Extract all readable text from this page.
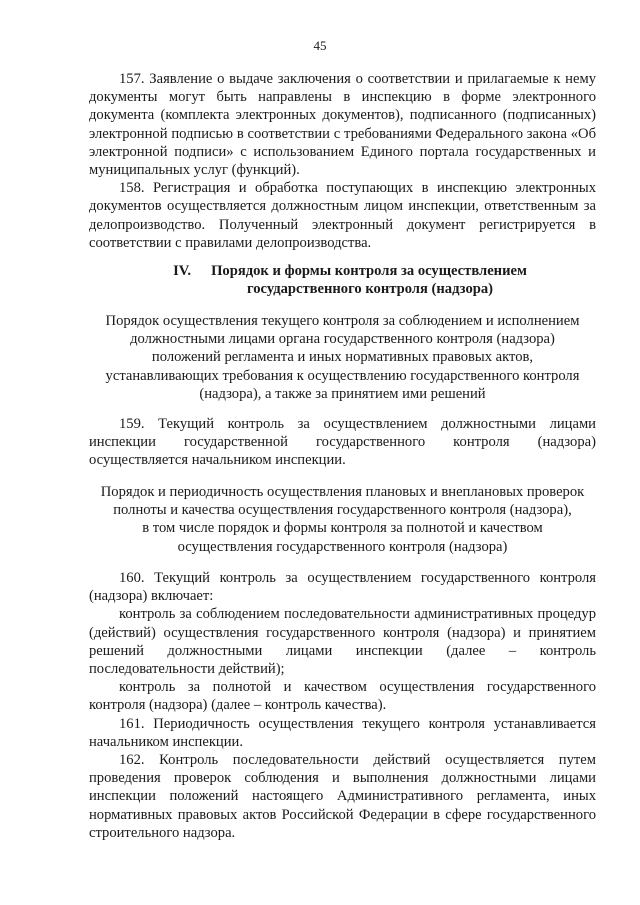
45

157. Заявление о выдаче заключения о соответствии и прилагаемые к нему документы могут быть направлены в инспекцию в форме электронного документа (комплекта электронных документов), подписанного (подписанных) электронной подписью в соответствии с требованиями Федерального закона «Об электронной подписи» с использованием Единого портала государственных и муниципальных услуг (функций).

158. Регистрация и обработка поступающих в инспекцию электронных документов осуществляется должностным лицом инспекции, ответственным за делопроизводство. Полученный электронный документ регистрируется в соответствии с правилами делопроизводства.

IV. Порядок и формы контроля за осуществлением

государственного контроля (надзора)

Порядок осуществления текущего контроля за соблюдением и исполнением

должностными лицами органа государственного контроля (надзора)

положений регламента и иных нормативных правовых актов,

устанавливающих требования к осуществлению государственного контроля

(надзора), а также за принятием ими решений

159. Текущий контроль за осуществлением должностными лицами инспекции государственной государственного контроля (надзора) осуществляется начальником инспекции.

Порядок и периодичность осуществления плановых и внеплановых проверок

полноты и качества осуществления государственного контроля (надзора),

в том числе порядок и формы контроля за полнотой и качеством

осуществления государственного контроля (надзора)

160. Текущий контроль за осуществлением государственного контроля (надзора) включает:

контроль за соблюдением последовательности административных процедур (действий) осуществления государственного контроля (надзора) и принятием решений должностными лицами инспекции (далее – контроль последовательности действий);

контроль за полнотой и качеством осуществления государственного контроля (надзора) (далее – контроль качества).

161. Периодичность осуществления текущего контроля устанавливается начальником инспекции.

162. Контроль последовательности действий осуществляется путем проведения проверок соблюдения и выполнения должностными лицами инспекции положений настоящего Административного регламента, иных нормативных правовых актов Российской Федерации в сфере государственного строительного надзора.
